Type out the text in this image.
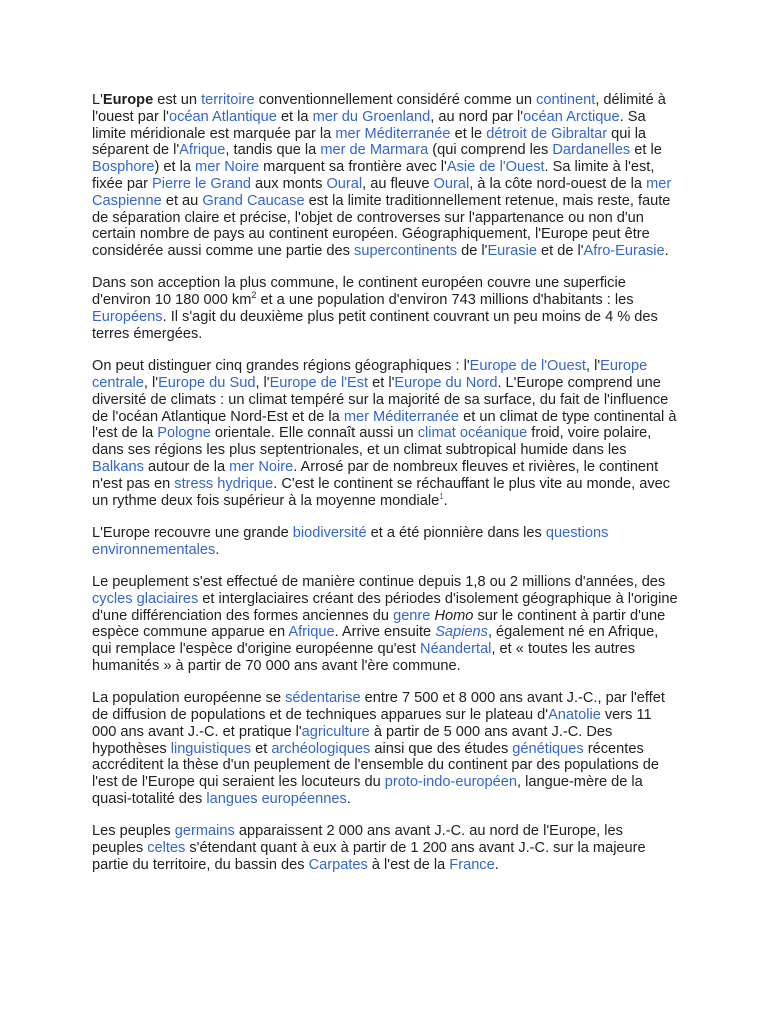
L'Europe est un territoire conventionnellement considéré comme un continent, délimité à l'ouest par l'océan Atlantique et la mer du Groenland, au nord par l'océan Arctique. Sa limite méridionale est marquée par la mer Méditerranée et le détroit de Gibraltar qui la séparent de l'Afrique, tandis que la mer de Marmara (qui comprend les Dardanelles et le Bosphore) et la mer Noire marquent sa frontière avec l'Asie de l'Ouest. Sa limite à l'est, fixée par Pierre le Grand aux monts Oural, au fleuve Oural, à la côte nord-ouest de la mer Caspienne et au Grand Caucase est la limite traditionnellement retenue, mais reste, faute de séparation claire et précise, l'objet de controverses sur l'appartenance ou non d'un certain nombre de pays au continent européen. Géographiquement, l'Europe peut être considérée aussi comme une partie des supercontinents de l'Eurasie et de l'Afro-Eurasie.

Dans son acception la plus commune, le continent européen couvre une superficie d'environ 10 180 000 $km^2$ et a une population d'environ 743 millions d'habitants : les Européens. Il s'agit du deuxième plus petit continent couvrant un peu moins de 4 % des terres émergées.

On peut distinguer cinq grandes régions géographiques : l'Europe de l'Ouest, l'Europe centrale, l'Europe du Sud, l'Europe de l'Est et l'Europe du Nord. L'Europe comprend une diversité de climats : un climat tempéré sur la majorité de sa surface, du fait de l'influence de l'océan Atlantique Nord-Est et de la mer Méditerranée et un climat de type continental à l'est de la Pologne orientale. Elle connaît aussi un climat océanique froid, voire polaire, dans ses régions les plus septentrionales, et un climat subtropical humide dans les Balkans autour de la mer Noire. Arrosé par de nombreux fleuves et rivières, le continent n'est pas en stress hydrique. C'est le continent se réchauffant le plus vite au monde, avec un rythme deux fois supérieur à la moyenne mondiale$^1$.

L'Europe recouvre une grande biodiversité et a été pionnière dans les questions environnementales.

Le peuplement s'est effectué de manière continue depuis 1,8 ou 2 millions d'années, des cycles glaciaires et interglaciaires créant des périodes d'isolement géographique à l'origine d'une différenciation des formes anciennes du genre Homo sur le continent à partir d'une espèce commune apparue en Afrique. Arrive ensuite Sapiens, également né en Afrique, qui remplace l'espèce d'origine européenne qu'est Néandertal, et « toutes les autres humanités » à partir de 70 000 ans avant l'ère commune.

La population européenne se sédentarise entre 7 500 et 8 000 ans avant J.-C., par l'effet de diffusion de populations et de techniques apparues sur le plateau d'Anatolie vers 11 000 ans avant J.-C. et pratique l'agriculture à partir de 5 000 ans avant J.-C. Des hypothèses linguistiques et archéologiques ainsi que des études génétiques récentes accréditent la thèse d'un peuplement de l'ensemble du continent par des populations de l'est de l'Europe qui seraient les locuteurs du proto-indo-européen, langue-mère de la quasi-totalité des langues européennes.

Les peuples germains apparaissent 2 000 ans avant J.-C. au nord de l'Europe, les peuples celtes s'étendant quant à eux à partir de 1 200 ans avant J.-C. sur la majeure partie du territoire, du bassin des Carpates à l'est de la France.
